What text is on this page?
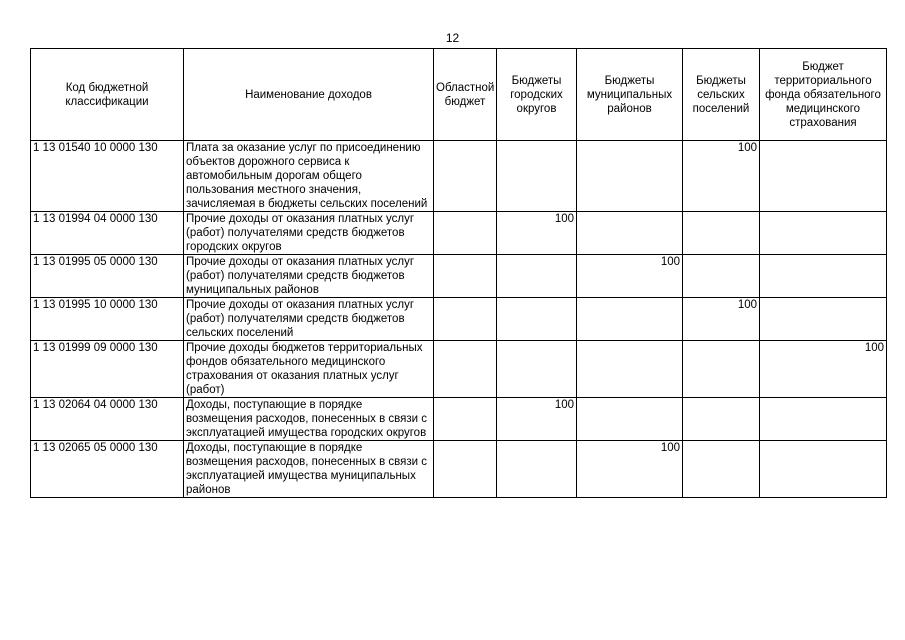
12
Код бюджетной классификации	Наименование доходов	Областной бюджет	Бюджеты городских округов	Бюджеты муниципальных районов	Бюджеты сельских поселений	Бюджет территориального фонда обязательного медицинского страхования
1 13 01540 10 0000 130	Плата за оказание услуг по присоединению объектов дорожного сервиса к автомобильным дорогам общего пользования местного значения, зачисляемая в бюджеты сельских поселений				100	
1 13 01994 04 0000 130	Прочие доходы от оказания платных услуг (работ) получателями средств бюджетов городских округов		100			
1 13 01995 05 0000 130	Прочие доходы от оказания платных услуг (работ) получателями средств бюджетов муниципальных районов			100		
1 13 01995 10 0000 130	Прочие доходы от оказания платных услуг (работ) получателями средств бюджетов сельских поселений				100	
1 13 01999 09 0000 130	Прочие доходы бюджетов территориальных фондов обязательного медицинского страхования от оказания платных услуг (работ)					100
1 13 02064 04 0000 130	Доходы, поступающие в порядке возмещения расходов, понесенных в связи с эксплуатацией имущества городских округов		100			
1 13 02065 05 0000 130	Доходы, поступающие в порядке возмещения расходов, понесенных в связи с эксплуатацией имущества муниципальных районов			100		
